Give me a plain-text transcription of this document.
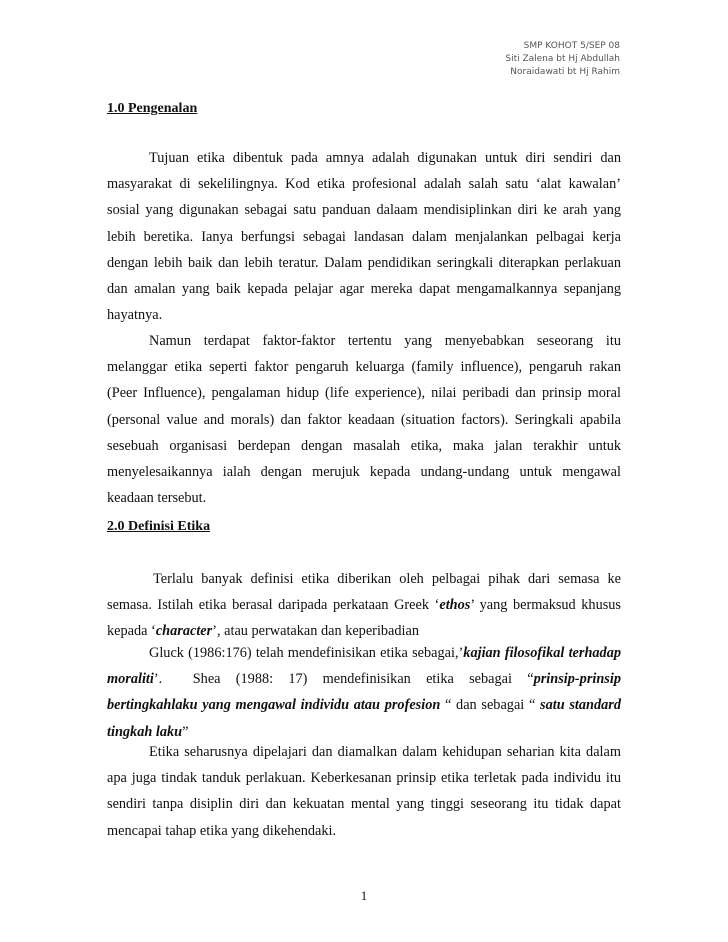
SMP KOHOT 5/SEP 08
Siti Zalena bt Hj Abdullah
Noraidawati bt Hj Rahim
1.0 Pengenalan
Tujuan etika dibentuk pada amnya adalah digunakan untuk diri sendiri dan
masyarakat di sekelilingnya. Kod etika profesional adalah salah satu ‘alat kawalan’
sosial yang digunakan sebagai satu panduan dalaam mendisiplinkan diri ke arah yang
lebih beretika. Ianya berfungsi sebagai landasan dalam menjalankan pelbagai kerja
dengan lebih baik dan lebih teratur. Dalam pendidikan seringkali diterapkan perlakuan
dan amalan yang baik kepada pelajar agar mereka dapat mengamalkannya sepanjang
hayatnya.
Namun terdapat faktor-faktor tertentu yang menyebabkan seseorang itu
melanggar etika seperti faktor pengaruh keluarga (family influence), pengaruh rakan
(Peer Influence), pengalaman hidup (life experience), nilai peribadi dan prinsip moral
(personal value and morals) dan faktor keadaan (situation factors). Seringkali apabila
sesebuah organisasi berdepan dengan masalah etika, maka jalan terakhir untuk
menyelesaikannya ialah dengan merujuk kepada undang-undang untuk mengawal
keadaan tersebut.
2.0 Definisi Etika
Terlalu banyak definisi etika diberikan oleh pelbagai pihak dari semasa ke
semasa. Istilah etika berasal daripada perkataan Greek ‘ethos’ yang bermaksud khusus
kepada ‘character’, atau perwatakan dan keperibadian
Gluck (1986:176) telah mendefinisikan etika sebagai,’kajian filosofikal terhadap
moraliti’.      Shea   (1988:   17)   mendefinisikan   etika   sebagai   “prinsip-prinsip
bertingkahlaku yang mengawal individu atau profesion “ dan sebagai “ satu standard
tingkah laku”
Etika seharusnya dipelajari dan diamalkan dalam kehidupan seharian kita dalam
apa juga tindak tanduk perlakuan. Keberkesanan prinsip etika terletak pada individu itu
sendiri tanpa disiplin diri dan kekuatan mental yang tinggi seseorang itu tidak dapat
mencapai tahap etika yang dikehendaki.
1
